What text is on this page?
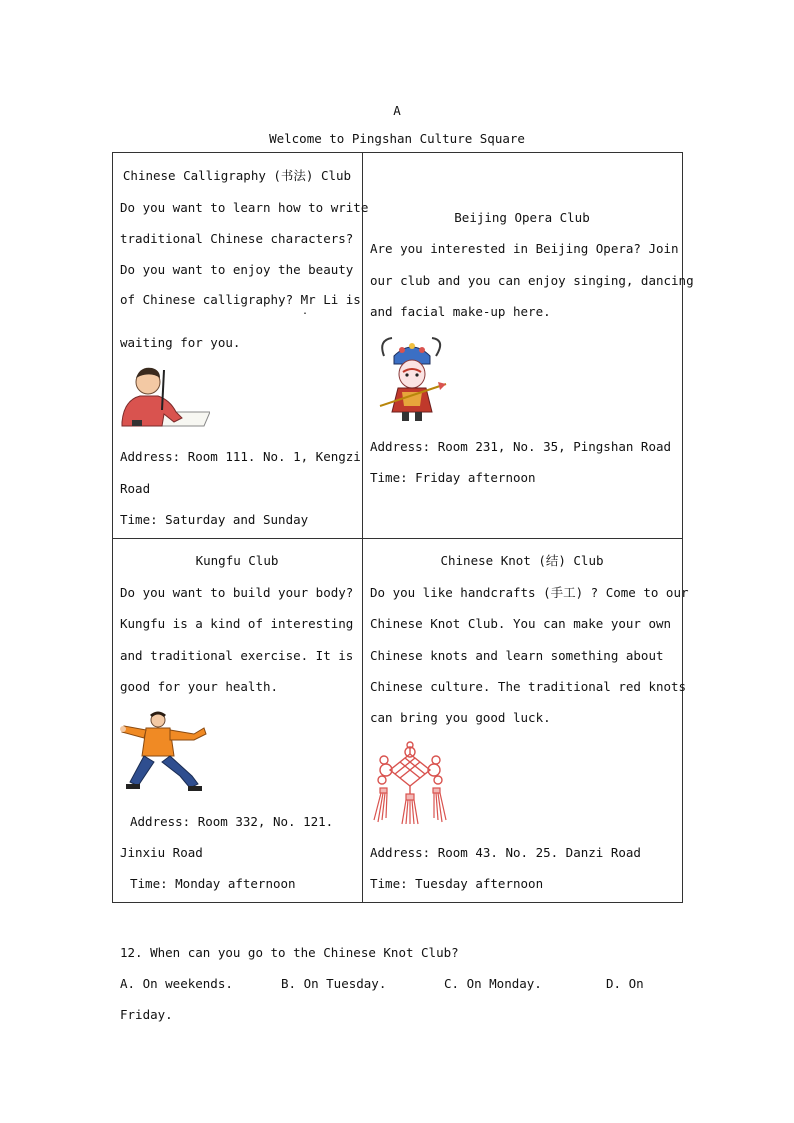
A
Welcome to Pingshan Culture Square
Chinese Calligraphy (书法) Club
Do you want to learn how to write
traditional Chinese characters?
Do you want to enjoy the beauty
of Chinese calligraphy? Mr Li is
.
waiting for you.
Address: Room 111. No. 1, Kengzi
Road
Time: Saturday and Sunday
Beijing Opera Club
Are you interested in Beijing Opera? Join
our club and you can enjoy singing, dancing
and facial make-up here.
Address: Room 231, No. 35, Pingshan Road
Time: Friday afternoon
Kungfu Club
Do you want to build your body?
Kungfu is a kind of interesting
and traditional exercise. It is
good for your health.
Address: Room 332, No. 121.
Jinxiu Road
Time: Monday afternoon
Chinese Knot (结) Club
Do you like handcrafts (手工) ? Come to our
Chinese Knot Club. You can make your own
Chinese knots and learn something about
Chinese culture. The traditional red knots
can bring you good luck.
Address: Room 43. No. 25. Danzi Road
Time: Tuesday afternoon
12. When can you go to the Chinese Knot Club?
A. On weekends.	B. On Tuesday.	C. On Monday.	D. On
Friday.
